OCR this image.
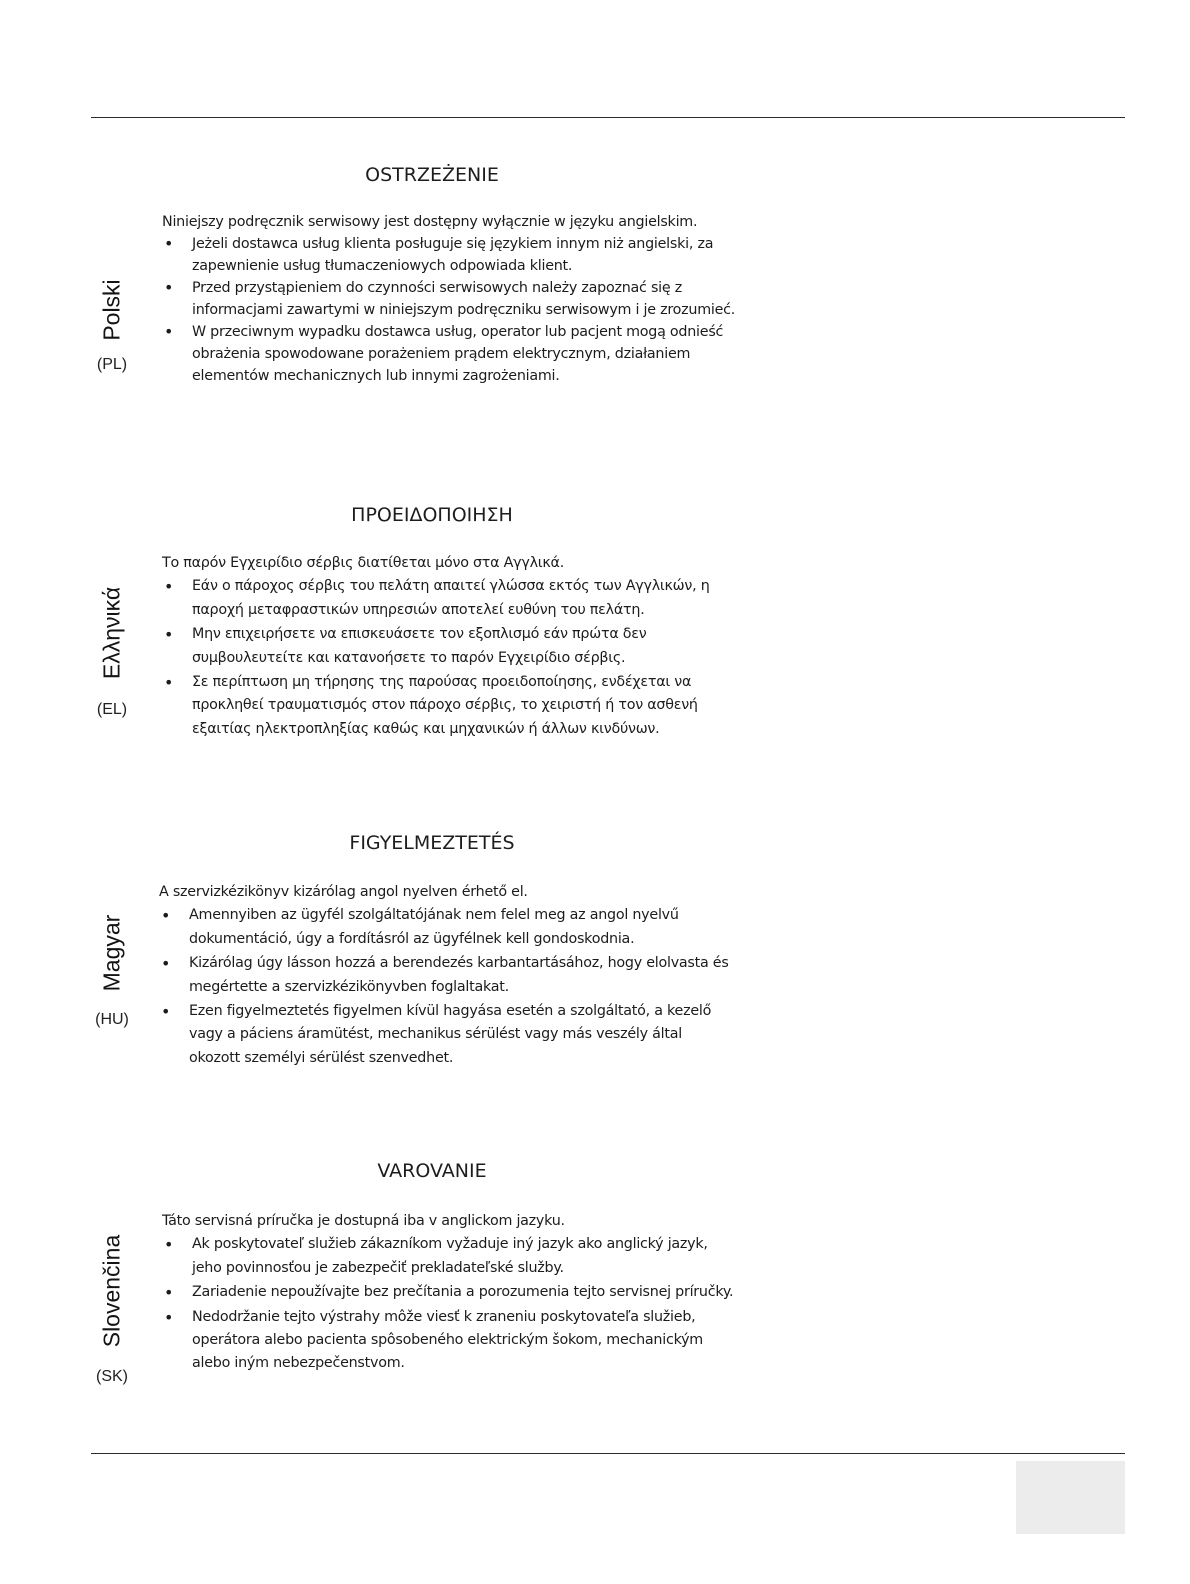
Polski
(PL)
OSTRZEŻENIE

Niniejszy podręcznik serwisowy jest dostępny wyłącznie w języku angielskim.

• Jeżeli dostawca usług klienta posługuje się językiem innym niż angielski, za zapewnienie usług tłumaczeniowych odpowiada klient.
• Przed przystąpieniem do czynności serwisowych należy zapoznać się z informacjami zawartymi w niniejszym podręczniku serwisowym i je zrozumieć.
• W przeciwnym wypadku dostawca usług, operator lub pacjent mogą odnieść obrażenia spowodowane porażeniem prądem elektrycznym, działaniem elementów mechanicznych lub innymi zagrożeniami.
Ελληνικά
(EL)
ΠΡΟΕΙΔΟΠΟΙΗΣΗ

Το παρόν Εγχειρίδιο σέρβις διατίθεται μόνο στα Αγγλικά.

• Εάν ο πάροχος σέρβις του πελάτη απαιτεί γλώσσα εκτός των Αγγλικών, η παροχή μεταφραστικών υπηρεσιών αποτελεί ευθύνη του πελάτη.
• Μην επιχειρήσετε να επισκευάσετε τον εξοπλισμό εάν πρώτα δεν συμβουλευτείτε και κατανοήσετε το παρόν Εγχειρίδιο σέρβις.
• Σε περίπτωση μη τήρησης της παρούσας προειδοποίησης, ενδέχεται να προκληθεί τραυματισμός στον πάροχο σέρβις, το χειριστή ή τον ασθενή εξαιτίας ηλεκτροπληξίας καθώς και μηχανικών ή άλλων κινδύνων.
Magyar
(HU)
FIGYELMEZTETÉS

A szervizkézikönyv kizárólag angol nyelven érhető el.

• Amennyiben az ügyfél szolgáltatójának nem felel meg az angol nyelvű dokumentáció, úgy a fordításról az ügyfélnek kell gondoskodnia.
• Kizárólag úgy lásson hozzá a berendezés karbantartásához, hogy elolvasta és megértette a szervizkézikönyvben foglaltakat.
• Ezen figyelmeztetés figyelmen kívül hagyása esetén a szolgáltató, a kezelő vagy a páciens áramütést, mechanikus sérülést vagy más veszély által okozott személyi sérülést szenvedhet.
Slovenčina
(SK)
VAROVANIE

Táto servisná príručka je dostupná iba v anglickom jazyku.

• Ak poskytovateľ služieb zákazníkom vyžaduje iný jazyk ako anglický jazyk, jeho povinnosťou je zabezpečiť prekladateľské služby.
• Zariadenie nepoužívajte bez prečítania a porozumenia tejto servisnej príručky.
• Nedodržanie tejto výstrahy môže viesť k zraneniu poskytovateľa služieb, operátora alebo pacienta spôsobeného elektrickým šokom, mechanickým alebo iným nebezpečenstvom.
